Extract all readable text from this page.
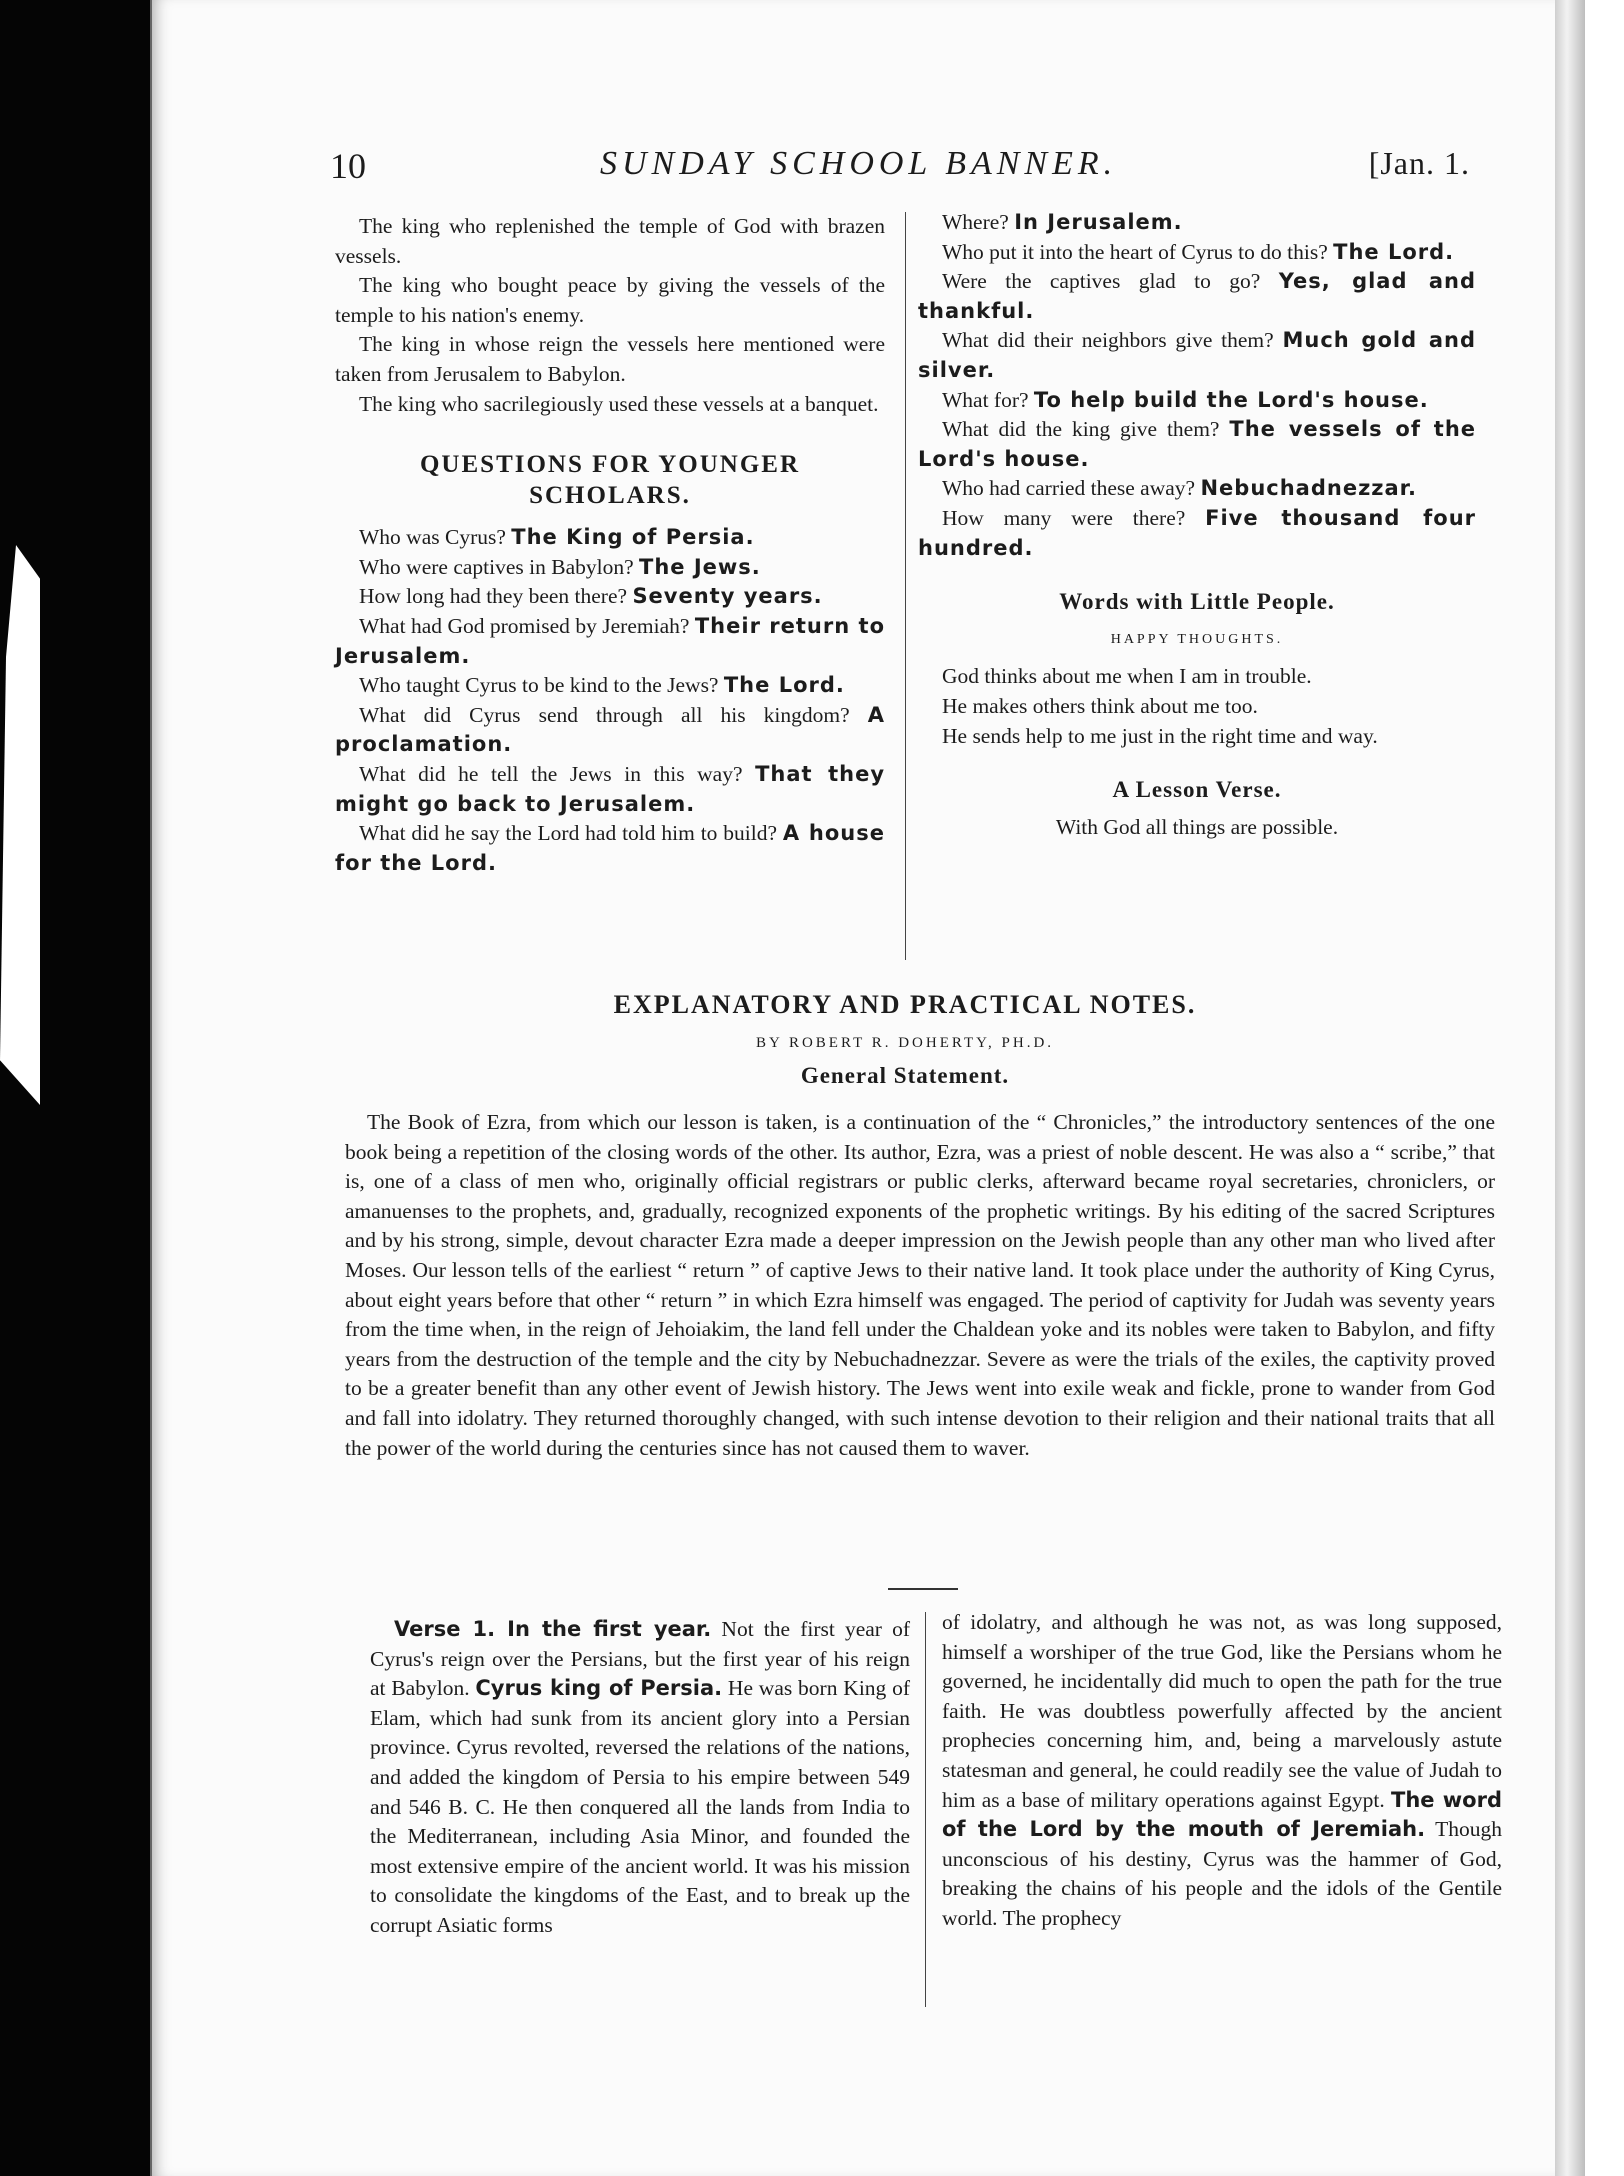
10	SUNDAY SCHOOL BANNER.	[Jan. 1.

The king who replenished the temple of God with brazen vessels.

The king who bought peace by giving the vessels of the temple to his nation's enemy.

The king in whose reign the vessels here mentioned were taken from Jerusalem to Babylon.

The king who sacrilegiously used these vessels at a banquet.

QUESTIONS FOR YOUNGER SCHOLARS.

Who was Cyrus? The King of Persia.

Who were captives in Babylon? The Jews.

How long had they been there? Seventy years.

What had God promised by Jeremiah? Their return to Jerusalem.

Who taught Cyrus to be kind to the Jews? The Lord.

What did Cyrus send through all his kingdom? A proclamation.

What did he tell the Jews in this way? That they might go back to Jerusalem.

What did he say the Lord had told him to build? A house for the Lord.

Where? In Jerusalem.

Who put it into the heart of Cyrus to do this? The Lord.

Were the captives glad to go? Yes, glad and thankful.

What did their neighbors give them? Much gold and silver.

What for? To help build the Lord's house.

What did the king give them? The vessels of the Lord's house.

Who had carried these away? Nebuchadnezzar.

How many were there? Five thousand four hundred.

Words with Little People.
HAPPY THOUGHTS.

God thinks about me when I am in trouble.

He makes others think about me too.

He sends help to me just in the right time and way.

A Lesson Verse.

With God all things are possible.

EXPLANATORY AND PRACTICAL NOTES.
BY ROBERT R. DOHERTY, PH.D.
General Statement.

The Book of Ezra, from which our lesson is taken, is a continuation of the “ Chronicles,” the introductory sentences of the one book being a repetition of the closing words of the other. Its author, Ezra, was a priest of noble descent. He was also a “ scribe,” that is, one of a class of men who, originally official registrars or public clerks, afterward became royal secretaries, chroniclers, or amanuenses to the prophets, and, gradually, recognized exponents of the prophetic writings. By his editing of the sacred Scriptures and by his strong, simple, devout character Ezra made a deeper impression on the Jewish people than any other man who lived after Moses. Our lesson tells of the earliest “ return ” of captive Jews to their native land. It took place under the authority of King Cyrus, about eight years before that other “ return ” in which Ezra himself was engaged. The period of captivity for Judah was seventy years from the time when, in the reign of Jehoiakim, the land fell under the Chaldean yoke and its nobles were taken to Babylon, and fifty years from the destruction of the temple and the city by Nebuchadnezzar. Severe as were the trials of the exiles, the captivity proved to be a greater benefit than any other event of Jewish history. The Jews went into exile weak and fickle, prone to wander from God and fall into idolatry. They returned thoroughly changed, with such intense devotion to their religion and their national traits that all the power of the world during the centuries since has not caused them to waver.

Verse 1. In the first year. Not the first year of Cyrus's reign over the Persians, but the first year of his reign at Babylon. Cyrus king of Persia. He was born King of Elam, which had sunk from its ancient glory into a Persian province. Cyrus revolted, reversed the relations of the nations, and added the kingdom of Persia to his empire between 549 and 546 B. C. He then conquered all the lands from India to the Mediterranean, including Asia Minor, and founded the most extensive empire of the ancient world. It was his mission to consolidate the kingdoms of the East, and to break up the corrupt Asiatic forms

of idolatry, and although he was not, as was long supposed, himself a worshiper of the true God, like the Persians whom he governed, he incidentally did much to open the path for the true faith. He was doubtless powerfully affected by the ancient prophecies concerning him, and, being a marvelously astute statesman and general, he could readily see the value of Judah to him as a base of military operations against Egypt. The word of the Lord by the mouth of Jeremiah. Though unconscious of his destiny, Cyrus was the hammer of God, breaking the chains of his people and the idols of the Gentile world. The prophecy
